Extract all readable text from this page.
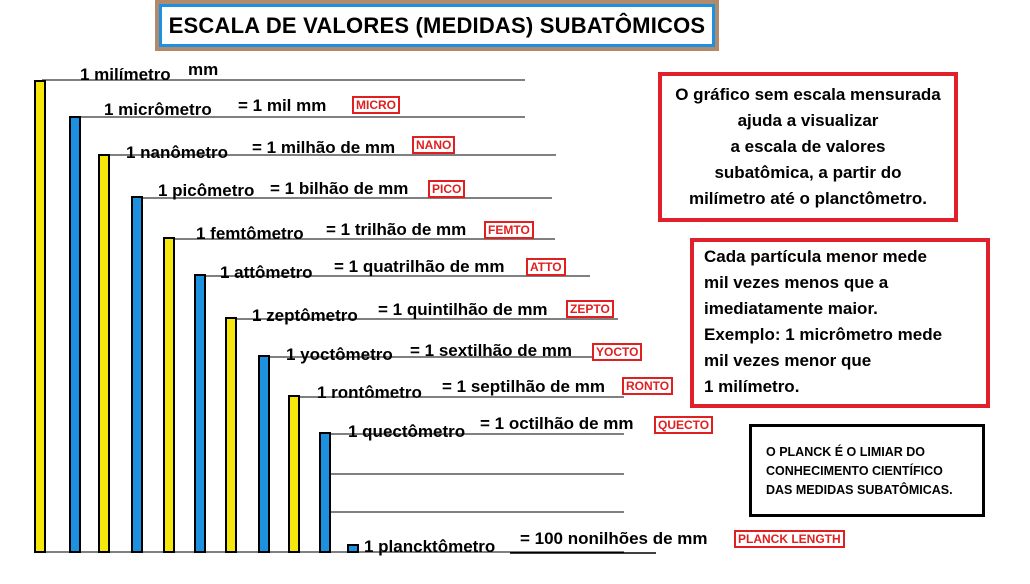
ESCALA DE VALORES (MEDIDAS) SUBATÔMICOS
1 milímetro mm
1 micrômetro = 1 mil mm	MICRO
1 nanômetro = 1 milhão de mm	NANO
1 picômetro = 1 bilhão de mm	PICO
1 femtômetro = 1 trilhão de mm	FEMTO
1 attômetro = 1 quatrilhão de mm	ATTO
1 zeptômetro = 1 quintilhão de mm	ZEPTO
1 yoctômetro = 1 sextilhão de mm	YOCTO
1 rontômetro = 1 septilhão de mm	RONTO
1 quectômetro = 1 octilhão de mm	QUECTO
1 plancktômetro = 100 nonilhões de mm	PLANCK LENGTH
O gráfico sem escala mensurada
ajuda a visualizar
a escala de valores
subatômica, a partir do
milímetro até o planctômetro.
Cada partícula menor mede
mil vezes menos que a
imediatamente maior.
Exemplo: 1 micrômetro mede
mil vezes menor que
1 milímetro.
O PLANCK É O LIMIAR DO
CONHECIMENTO CIENTÍFICO
DAS MEDIDAS SUBATÔMICAS.
